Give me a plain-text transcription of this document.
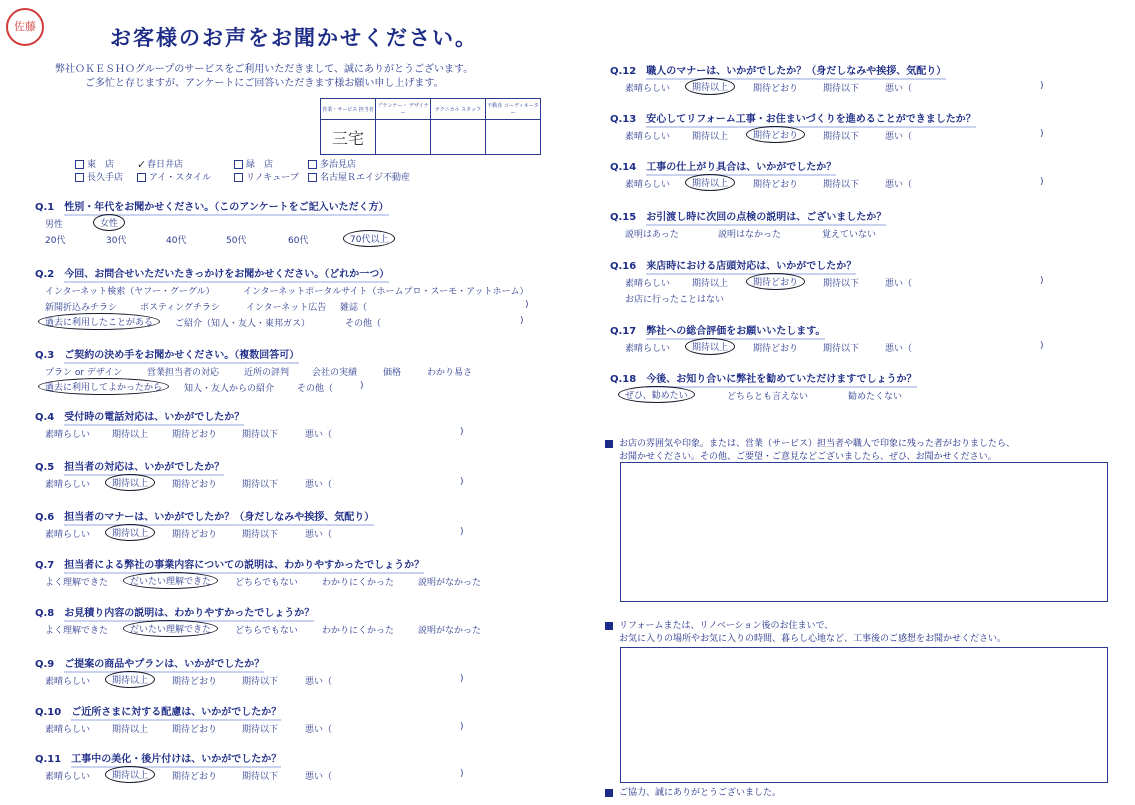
佐藤	お客様のお声をお聞かせください。
弊社ＯＫＥＳＨＯグループのサービスをご利用いただきまして、誠にありがとうございます。
ご多忙と存じますが、アンケートにご回答いただきます様お願い申し上げます。
営業・サービス 担当者	プランナー・ デザイナー	テクニカル スタッフ	不動産 コーディネーター
三宅			
東　店 ✓春日井店	緑　店	多治見店
長久手店	アイ・スタイル	リノキューブ	名古屋Ｒエイジ不動産
Q.1　 性別・年代をお聞かせください。（このアンケートをご記入いただく方）
男性	女性
20代	30代	40代	50代	60代	70代以上
Q.2　 今回、お問合せいただいたきっかけをお聞かせください。（どれか一つ）
インターネット検索（ヤフー・グーグル）	インターネットポータルサイト（ホームプロ・スーモ・アットホーム）
新聞折込みチラシ	ポスティングチラシ	インターネット広告 雑誌（	)
過去に利用したことがある	ご紹介（知人・友人・東邦ガス）	その他（	)
Q.3　 ご契約の決め手をお聞かせください。（複数回答可）
プラン or デザイン	営業担当者の対応	近所の評判	会社の実績	価格	わかり易さ
過去に利用してよかったから	知人・友人からの紹介	その他（	)
Q.4　 受付時の電話対応は、いかがでしたか？
素晴らしい 期待以上	期待どおり	期待以下	悪い（	)
Q.5　 担当者の対応は、いかがでしたか？
素晴らしい	期待以上	期待どおり	期待以下	悪い（	)
Q.6　 担当者のマナーは、いかがでしたか？（身だしなみや挨拶、気配り）
素晴らしい	期待以上	期待どおり	期待以下	悪い（	)
Q.7　 担当者による弊社の事業内容についての説明は、わかりやすかったでしょうか？
よく理解できた	だいたい理解できた	どちらでもない	わかりにくかった	説明がなかった
Q.8　 お見積り内容の説明は、わかりやすかったでしょうか？
よく理解できた	だいたい理解できた	どちらでもない	わかりにくかった	説明がなかった
Q.9　 ご提案の商品やプランは、いかがでしたか？
素晴らしい	期待以上	期待どおり	期待以下	悪い（	)
Q.10　 ご近所さまに対する配慮は、いかがでしたか？
素晴らしい 期待以上	期待どおり	期待以下	悪い（	)
Q.11　 工事中の美化・後片付けは、いかがでしたか？
素晴らしい	期待以上	期待どおり	期待以下	悪い（	)
Q.12　 職人のマナーは、いかがでしたか？（身だしなみや挨拶、気配り）
素晴らしい	期待以上	期待どおり	期待以下	悪い（	)
Q.13　 安心してリフォーム工事・お住まいづくりを進めることができましたか？
素晴らしい 期待以上	期待どおり	期待以下	悪い（	)
Q.14　 工事の仕上がり具合は、いかがでしたか？
素晴らしい	期待以上	期待どおり	期待以下	悪い（	)
Q.15　 お引渡し時に次回の点検の説明は、ございましたか？
説明はあった	説明はなかった	覚えていない
Q.16　 来店時における店頭対応は、いかがでしたか？
素晴らしい 期待以上	期待どおり	期待以下	悪い（	)
お店に行ったことはない
Q.17　 弊社への総合評価をお願いいたします。
素晴らしい	期待以上	期待どおり	期待以下	悪い（	)
Q.18　 今後、お知り合いに弊社を勧めていただけますでしょうか？
ぜひ、勧めたい	どちらとも言えない	勧めたくない
お店の雰囲気や印象。または、営業（サービス）担当者や職人で印象に残った者がおりましたら、
お聞かせください。その他、ご要望・ご意見などございましたら、ぜひ、お聞かせください。
リフォームまたは、リノベーション後のお住まいで、
お気に入りの場所やお気に入りの時間、暮らし心地など、工事後のご感想をお聞かせください。
ご協力、誠にありがとうございました。
